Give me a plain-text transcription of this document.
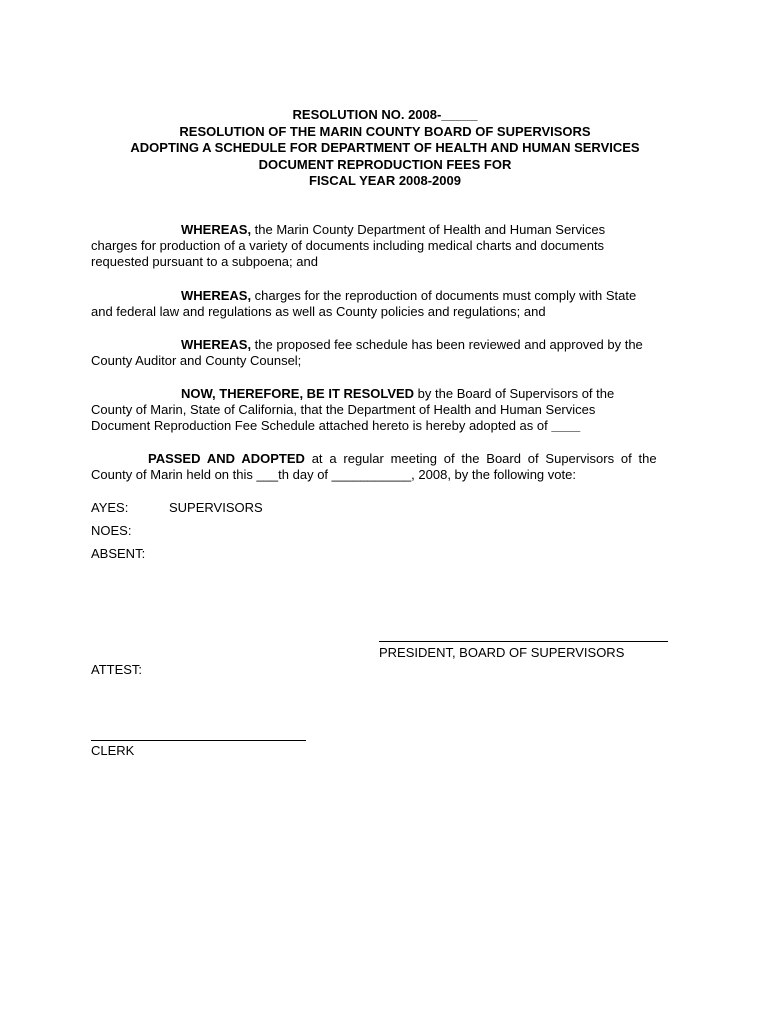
RESOLUTION NO. 2008-_____
RESOLUTION OF THE MARIN COUNTY BOARD OF SUPERVISORS
ADOPTING A SCHEDULE FOR DEPARTMENT OF HEALTH AND HUMAN SERVICES
DOCUMENT REPRODUCTION FEES FOR
FISCAL YEAR 2008-2009
WHEREAS, the Marin County Department of Health and Human Services
charges for production of a variety of documents including medical charts and documents
requested pursuant to a subpoena; and
WHEREAS, charges for the reproduction of documents must comply with State
and federal law and regulations as well as County policies and regulations; and
WHEREAS, the proposed fee schedule has been reviewed and approved by the
County Auditor and County Counsel;
NOW, THEREFORE, BE IT RESOLVED by the Board of Supervisors of the
County of Marin, State of California, that the Department of Health and Human Services
Document Reproduction Fee Schedule attached hereto is hereby adopted as of ____
PASSED AND ADOPTED at a regular meeting of the Board of Supervisors of the
County of Marin held on this ___th day of ___________, 2008, by the following vote:
AYES:	SUPERVISORS
NOES:
ABSENT:
PRESIDENT, BOARD OF SUPERVISORS
ATTEST:
CLERK
